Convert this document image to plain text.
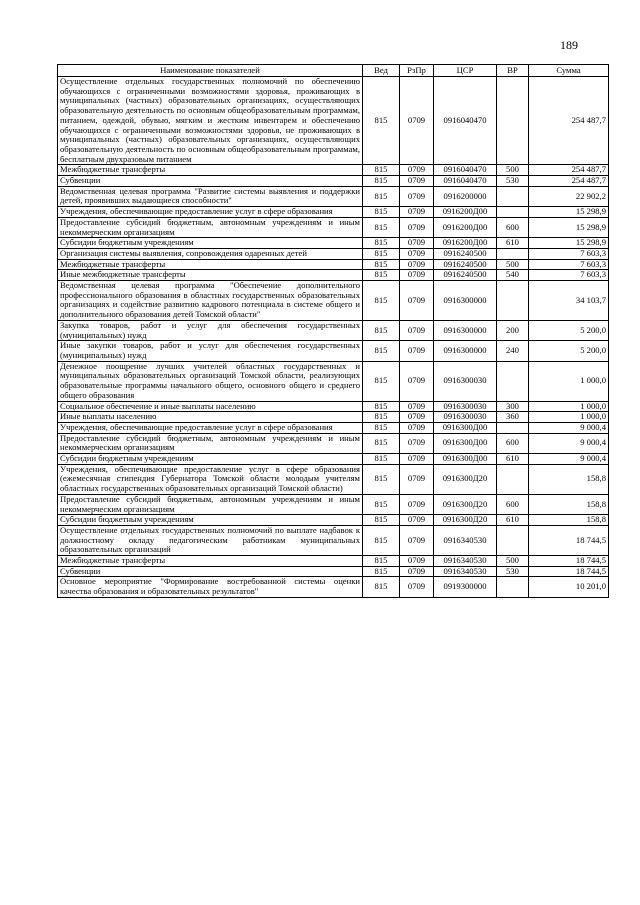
189
Наименование показателей	Вед	РзПр	ЦСР	ВР	Сумма
Осуществление отдельных государственных полномочий по обеспечению обучающихся с ограниченными возможностями здоровья, проживающих в муниципальных (частных) образовательных организациях, осуществляющих образовательную деятельность по основным общеобразовательным программам, питанием, одеждой, обувью, мягким и жестким инвентарем и обеспечению обучающихся с ограниченными возможностями здоровья, не проживающих в муниципальных (частных) образовательных организациях, осуществляющих образовательную деятельность по основным общеобразовательным программам, бесплатным двухразовым питанием	815	0709	0916040470		254 487,7
Межбюджетные трансферты	815	0709	0916040470	500	254 487,7
Субвенции	815	0709	0916040470	530	254 487,7
Ведомственная целевая программа "Развитие системы выявления и поддержки детей, проявивших выдающиеся способности"	815	0709	0916200000		22 902,2
Учреждения, обеспечивающие предоставление услуг в сфере образования	815	0709	0916200Д00		15 298,9
Предоставление субсидий бюджетным, автономным учреждениям и иным некоммерческим организациям	815	0709	0916200Д00	600	15 298,9
Субсидии бюджетным учреждениям	815	0709	0916200Д00	610	15 298,9
Организация системы выявления, сопровождения одаренных детей	815	0709	0916240500		7 603,3
Межбюджетные трансферты	815	0709	0916240500	500	7 603,3
Иные межбюджетные трансферты	815	0709	0916240500	540	7 603,3
Ведомственная целевая программа "Обеспечение дополнительного профессионального образования в областных государственных образовательных организациях и содействие развитию кадрового потенциала в системе общего и дополнительного образования детей Томской области"	815	0709	0916300000		34 103,7
Закупка товаров, работ и услуг для обеспечения государственных (муниципальных) нужд	815	0709	0916300000	200	5 200,0
Иные закупки товаров, работ и услуг для обеспечения государственных (муниципальных) нужд	815	0709	0916300000	240	5 200,0
Денежное поощрение лучших учителей областных государственных и муниципальных образовательных организаций Томской области, реализующих образовательные программы начального общего, основного общего и среднего общего образования	815	0709	0916300030		1 000,0
Социальное обеспечение и иные выплаты населению	815	0709	0916300030	300	1 000,0
Иные выплаты населению	815	0709	0916300030	360	1 000,0
Учреждения, обеспечивающие предоставление услуг в сфере образования	815	0709	0916300Д00		9 000,4
Предоставление субсидий бюджетным, автономным учреждениям и иным некоммерческим организациям	815	0709	0916300Д00	600	9 000,4
Субсидии бюджетным учреждениям	815	0709	0916300Д00	610	9 000,4
Учреждения, обеспечивающие предоставление услуг в сфере образования (ежемесячная стипендия Губернатора Томской области молодым учителям областных государственных образовательных организаций Томской области)	815	0709	0916300Д20		158,8
Предоставление субсидий бюджетным, автономным учреждениям и иным некоммерческим организациям	815	0709	0916300Д20	600	158,8
Субсидии бюджетным учреждениям	815	0709	0916300Д20	610	158,8
Осуществление отдельных государственных полномочий по выплате надбавок к должностному окладу педагогическим работникам муниципальных образовательных организаций	815	0709	0916340530		18 744,5
Межбюджетные трансферты	815	0709	0916340530	500	18 744,5
Субвенции	815	0709	0916340530	530	18 744,5
Основное мероприятие "Формирование востребованной системы оценки качества образования и образовательных результатов"	815	0709	0919300000		10 201,0
